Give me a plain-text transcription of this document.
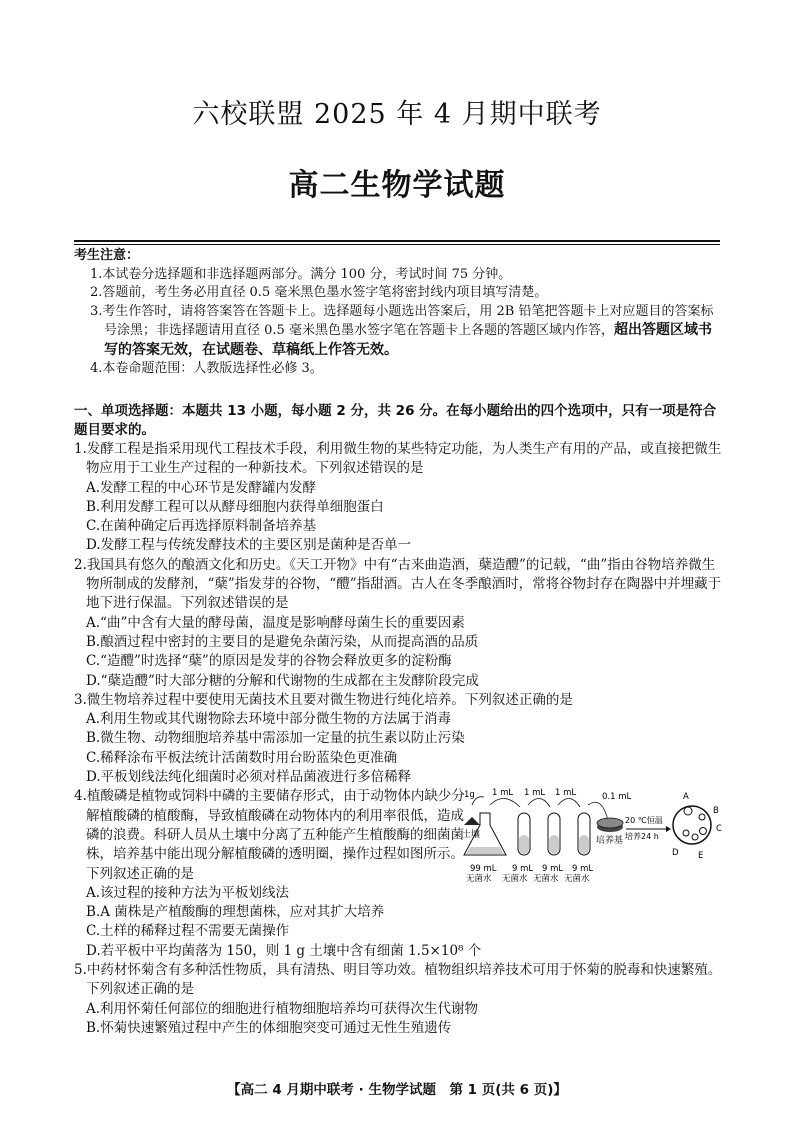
六校联盟 2025 年 4 月期中联考
高二生物学试题
考生注意：
1.本试卷分选择题和非选择题两部分。满分 100 分，考试时间 75 分钟。
2.答题前，考生务必用直径 0.5 毫米黑色墨水签字笔将密封线内项目填写清楚。
3.考生作答时，请将答案答在答题卡上。选择题每小题选出答案后，用 2B 铅笔把答题卡上对应题目的答案标号涂黑；非选择题请用直径 0.5 毫米黑色墨水签字笔在答题卡上各题的答题区域内作答，超出答题区域书写的答案无效，在试题卷、草稿纸上作答无效。
4.本卷命题范围：人教版选择性必修 3。
一、单项选择题：本题共 13 小题，每小题 2 分，共 26 分。在每小题给出的四个选项中，只有一项是符合题目要求的。
1.发酵工程是指采用现代工程技术手段，利用微生物的某些特定功能，为人类生产有用的产品，或直接把微生物应用于工业生产过程的一种新技术。下列叙述错误的是
A.发酵工程的中心环节是发酵罐内发酵
B.利用发酵工程可以从酵母细胞内获得单细胞蛋白
C.在菌种确定后再选择原料制备培养基
D.发酵工程与传统发酵技术的主要区别是菌种是否单一
2.我国具有悠久的酿酒文化和历史。《天工开物》中有“古来曲造酒，蘖造醴”的记载，“曲”指由谷物培养微生物所制成的发酵剂，“蘖”指发芽的谷物，“醴”指甜酒。古人在冬季酿酒时，常将谷物封存在陶器中并埋藏于地下进行保温。下列叙述错误的是
A.“曲”中含有大量的酵母菌，温度是影响酵母菌生长的重要因素
B.酿酒过程中密封的主要目的是避免杂菌污染，从而提高酒的品质
C.“造醴”时选择“蘖”的原因是发芽的谷物会释放更多的淀粉酶
D.“蘖造醴”时大部分糖的分解和代谢物的生成都在主发酵阶段完成
3.微生物培养过程中要使用无菌技术且要对微生物进行纯化培养。下列叙述正确的是
A.利用生物或其代谢物除去环境中部分微生物的方法属于消毒
B.微生物、动物细胞培养基中需添加一定量的抗生素以防止污染
C.稀释涂布平板法统计活菌数时用台盼蓝染色更准确
D.平板划线法纯化细菌时必须对样品菌液进行多倍稀释
4.植酸磷是植物或饲料中磷的主要储存形式，由于动物体内缺少分解植酸磷的植酸酶，导致植酸磷在动物体内的利用率很低，造成磷的浪费。科研人员从土壤中分离了五种能产生植酸酶的细菌菌株，培养基中能出现分解植酸磷的透明圈，操作过程如图所示。下列叙述正确的是
A.该过程的接种方法为平板划线法
B.A 菌株是产植酸酶的理想菌株，应对其扩大培养
C.土样的稀释过程不需要无菌操作
D.若平板中平均菌落为 150，则 1 g 土壤中含有细菌 1.5×10⁸ 个
5.中药材怀菊含有多种活性物质，具有清热、明目等功效。植物组织培养技术可用于怀菊的脱毒和快速繁殖。下列叙述正确的是
A.利用怀菊任何部位的细胞进行植物细胞培养均可获得次生代谢物
B.怀菊快速繁殖过程中产生的体细胞突变可通过无性生殖遗传
1g
土壤
1 mL 1 mL 1 mL	0.1 mL
培养基
20 ℃恒温
培养24 h
A
B
C
D E
99 mL
无菌水
9 mL
无菌水
9 mL
无菌水
9 mL
无菌水
【高二 4 月期中联考 · 生物学试题　第 1 页(共 6 页)】
